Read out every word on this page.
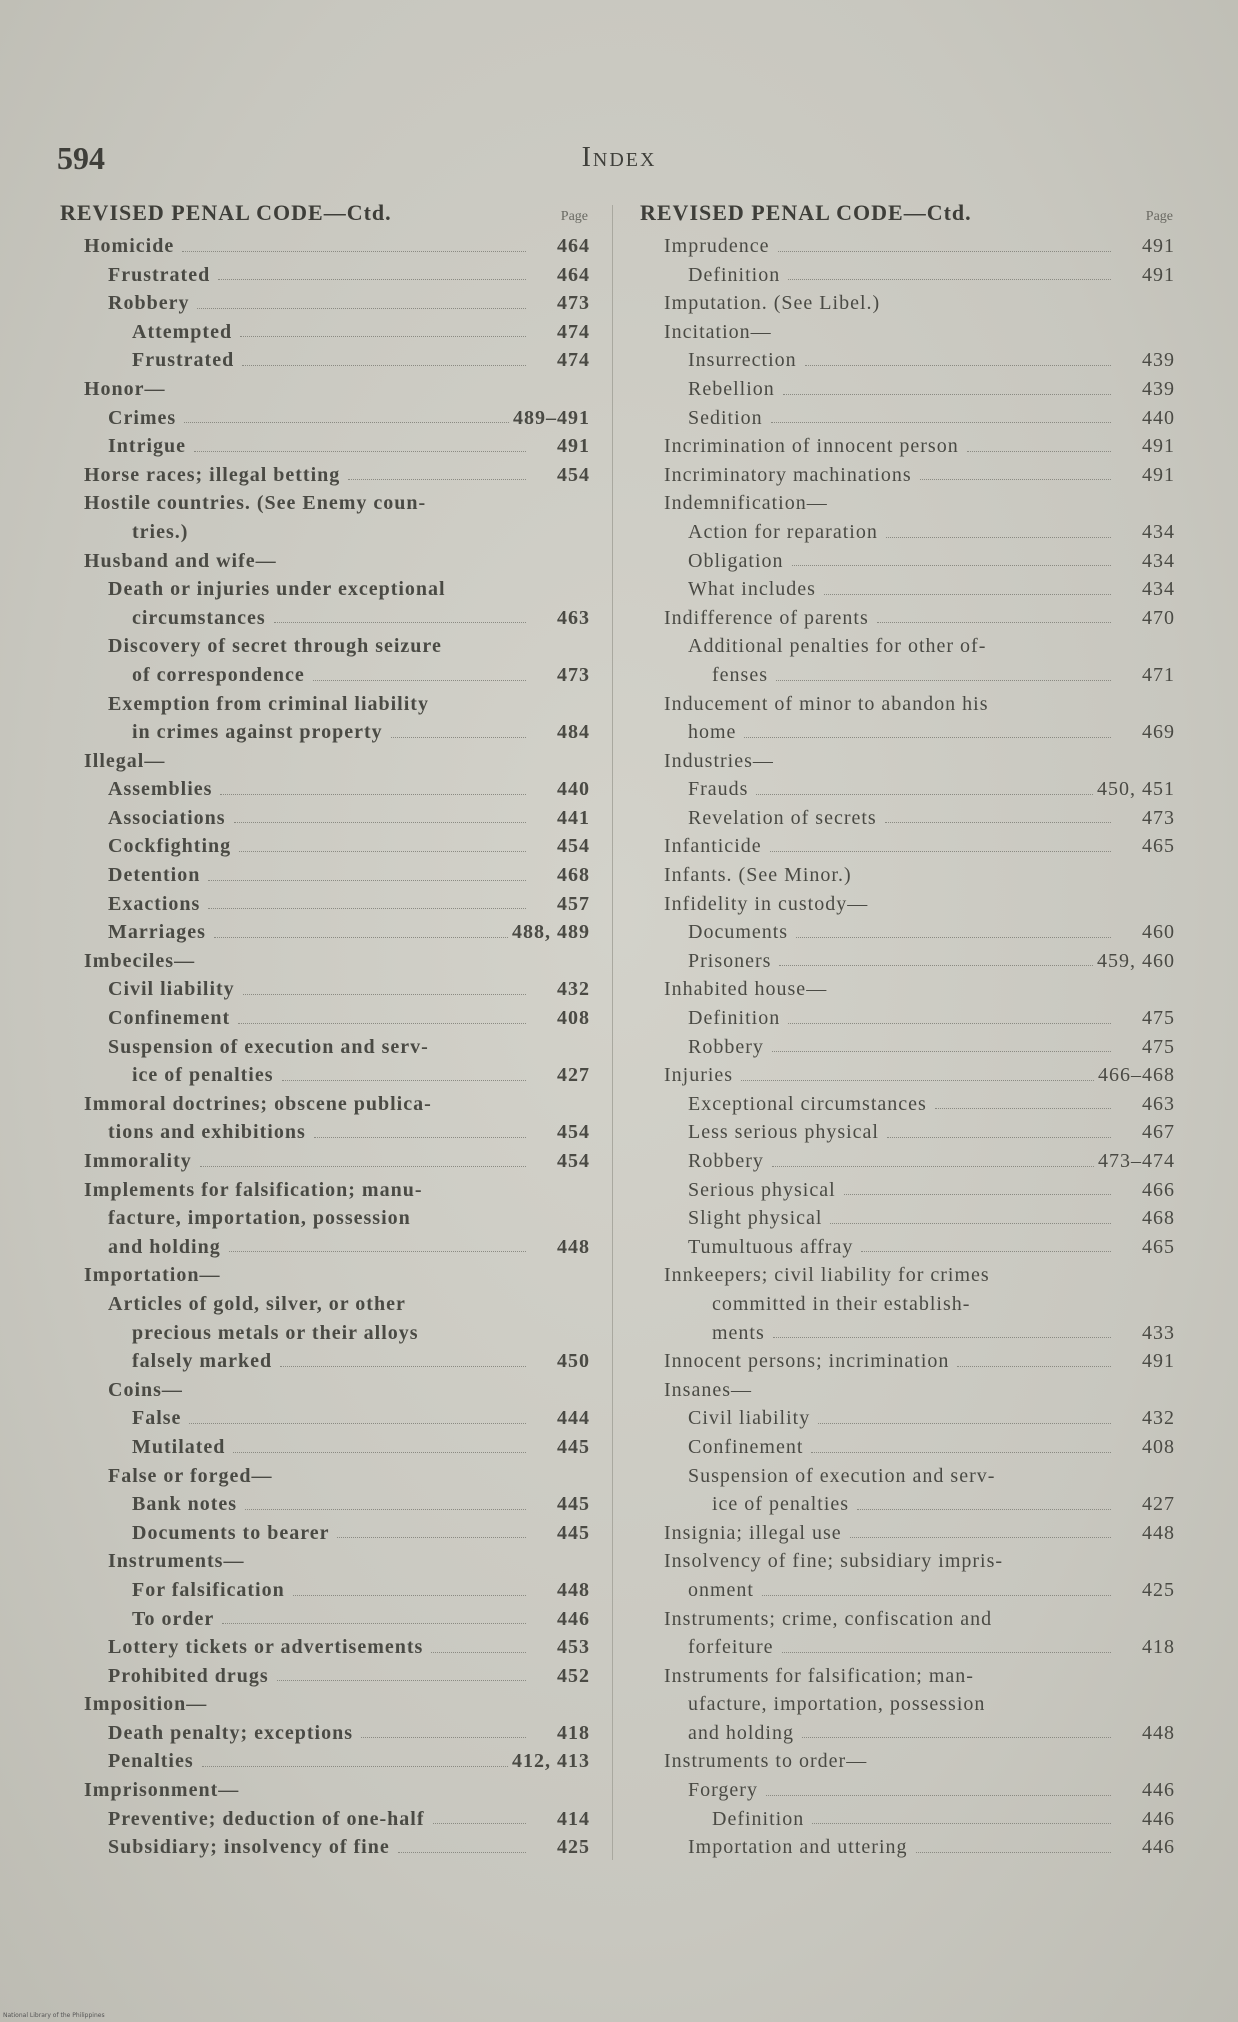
594	Index
REVISED PENAL CODE—Ctd.	Page
Homicide	464
Frustrated	464
Robbery	473
Attempted	474
Frustrated	474
Honor—
Crimes	489–491
Intrigue	491
Horse races; illegal betting	454
Hostile countries. (See Enemy coun-
tries.)
Husband and wife—
Death or injuries under exceptional
circumstances	463
Discovery of secret through seizure
of correspondence	473
Exemption from criminal liability
in crimes against property	484
Illegal—
Assemblies	440
Associations	441
Cockfighting	454
Detention	468
Exactions	457
Marriages	488, 489
Imbeciles—
Civil liability	432
Confinement	408
Suspension of execution and serv-
ice of penalties	427
Immoral doctrines; obscene publica-
tions and exhibitions	454
Immorality	454
Implements for falsification; manu-
facture, importation, possession
and holding	448
Importation—
Articles of gold, silver, or other
precious metals or their alloys
falsely marked	450
Coins—
False	444
Mutilated	445
False or forged—
Bank notes	445
Documents to bearer	445
Instruments—
For falsification	448
To order	446
Lottery tickets or advertisements	453
Prohibited drugs	452
Imposition—
Death penalty; exceptions	418
Penalties	412, 413
Imprisonment—
Preventive; deduction of one-half	414
Subsidiary; insolvency of fine	425
REVISED PENAL CODE—Ctd.	Page
Imprudence	491
Definition	491
Imputation. (See Libel.)
Incitation—
Insurrection	439
Rebellion	439
Sedition	440
Incrimination of innocent person	491
Incriminatory machinations	491
Indemnification—
Action for reparation	434
Obligation	434
What includes	434
Indifference of parents	470
Additional penalties for other of-
fenses	471
Inducement of minor to abandon his
home	469
Industries—
Frauds	450, 451
Revelation of secrets	473
Infanticide	465
Infants. (See Minor.)
Infidelity in custody—
Documents	460
Prisoners	459, 460
Inhabited house—
Definition	475
Robbery	475
Injuries	466–468
Exceptional circumstances	463
Less serious physical	467
Robbery	473–474
Serious physical	466
Slight physical	468
Tumultuous affray	465
Innkeepers; civil liability for crimes
committed in their establish-
ments	433
Innocent persons; incrimination	491
Insanes—
Civil liability	432
Confinement	408
Suspension of execution and serv-
ice of penalties	427
Insignia; illegal use	448
Insolvency of fine; subsidiary impris-
onment	425
Instruments; crime, confiscation and
forfeiture	418
Instruments for falsification; man-
ufacture, importation, possession
and holding	448
Instruments to order—
Forgery	446
Definition	446
Importation and uttering	446
National Library of the Philippines
